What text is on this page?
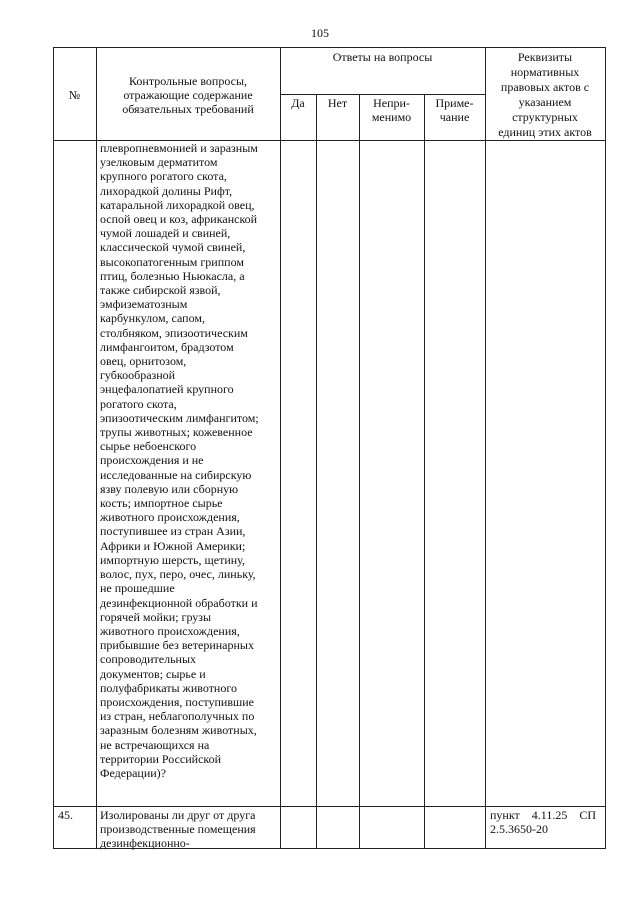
105
№
Контрольные вопросы,
отражающие содержание
обязательных требований
Ответы на вопросы
Да	Нет	Непри-
менимо
Приме-
чание
Реквизиты
нормативных
правовых актов с
указанием
структурных
единиц этих актов
плевропневмонией и заразным
узелковым дерматитом
крупного рогатого скота,
лихорадкой долины Рифт,
катаральной лихорадкой овец,
оспой овец и коз, африканской
чумой лошадей и свиней,
классической чумой свиней,
высокопатогенным гриппом
птиц, болезнью Ньюкасла, а
также сибирской язвой,
эмфизематозным
карбункулом, сапом,
столбняком, эпизоотическим
лимфангоитом, брадзотом
овец, орнитозом,
губкообразной
энцефалопатией крупного
рогатого скота,
эпизоотическим лимфангитом;
трупы животных; кожевенное
сырье небоенского
происхождения и не
исследованные на сибирскую
язву полевую или сборную
кость; импортное сырье
животного происхождения,
поступившее из стран Азии,
Африки и Южной Америки;
импортную шерсть, щетину,
волос, пух, перо, очес, линьку,
не прошедшие
дезинфекционной обработки и
горячей мойки; грузы
животного происхождения,
прибывшие без ветеринарных
сопроводительных
документов; сырье и
полуфабрикаты животного
происхождения, поступившие
из стран, неблагополучных по
заразным болезням животных,
не встречающихся на
территории Российской
Федерации)?
45. Изолированы ли друг от друга
производственные помещения
дезинфекционно-
пункт    4.11.25    СП
2.5.3650-20
